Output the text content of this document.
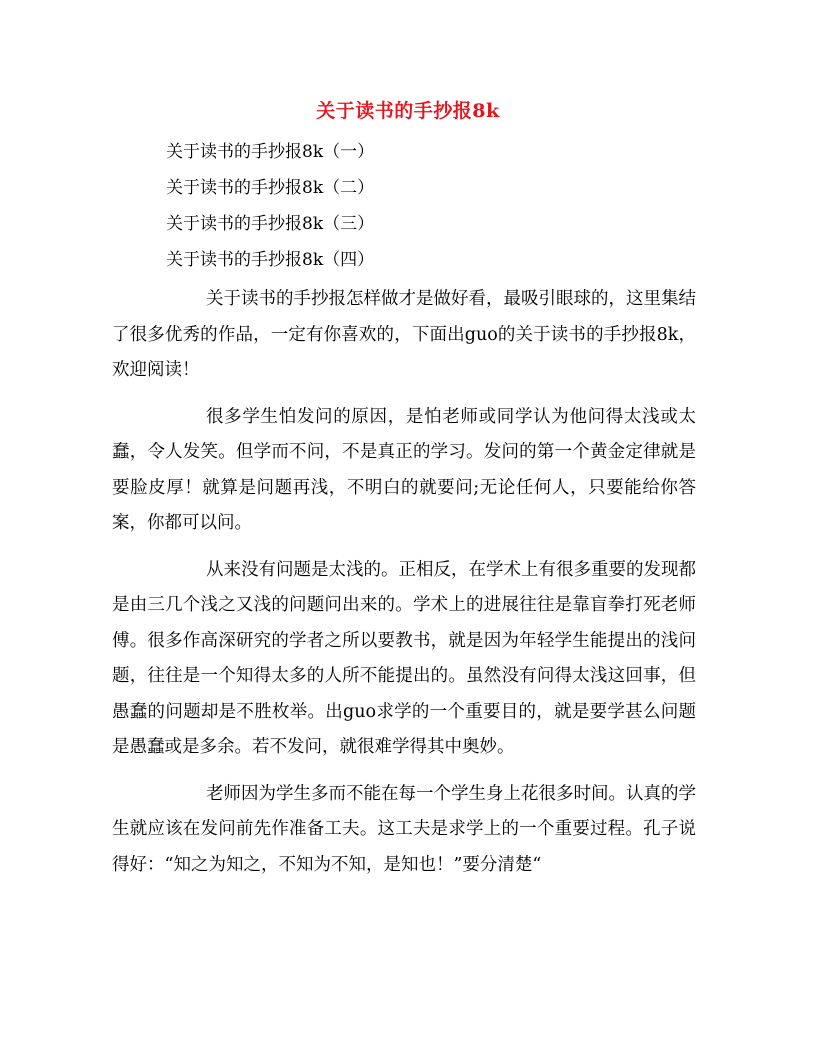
关于读书的手抄报8k
关于读书的手抄报8k（一）
关于读书的手抄报8k（二）
关于读书的手抄报8k（三）
关于读书的手抄报8k（四）

关于读书的手抄报怎样做才是做好看，最吸引眼球的，这里集结了很多优秀的作品，一定有你喜欢的，下面出guo的关于读书的手抄报8k，欢迎阅读！

很多学生怕发问的原因，是怕老师或同学认为他问得太浅或太蠢，令人发笑。但学而不问，不是真正的学习。发问的第一个黄金定律就是要脸皮厚！就算是问题再浅，不明白的就要问;无论任何人，只要能给你答案，你都可以问。

从来没有问题是太浅的。正相反，在学术上有很多重要的发现都是由三几个浅之又浅的问题问出来的。学术上的进展往往是靠盲拳打死老师傅。很多作高深研究的学者之所以要教书，就是因为年轻学生能提出的浅问题，往往是一个知得太多的人所不能提出的。虽然没有问得太浅这回事，但愚蠢的问题却是不胜枚举。出guo求学的一个重要目的，就是要学甚么问题是愚蠢或是多余。若不发问，就很难学得其中奥妙。

老师因为学生多而不能在每一个学生身上花很多时间。认真的学生就应该在发问前先作准备工夫。这工夫是求学上的一个重要过程。孔子说得好：“知之为知之，不知为不知，是知也！”要分清楚“
